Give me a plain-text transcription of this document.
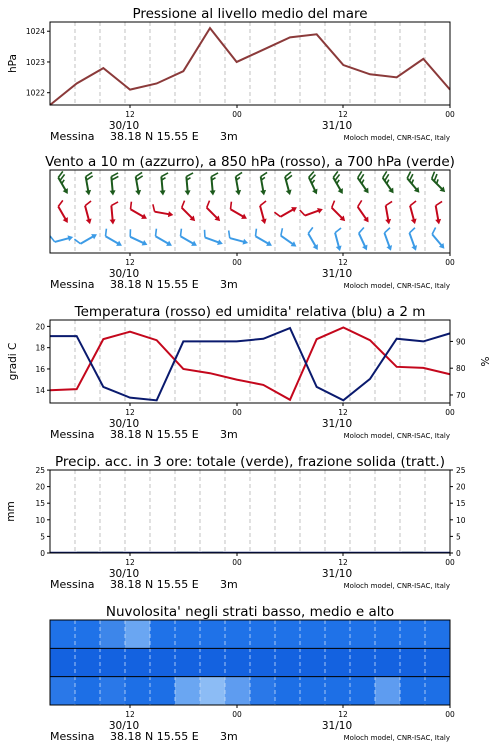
Pressione al livello medio del mare
1022
1023
1024
hPa
12	00	12	00
30/10	31/10
Messina 38.18 N 15.55 E 3m	Moloch model, CNR-ISAC, Italy
Vento a 10 m (azzurro), a 850 hPa (rosso), a 700 hPa (verde)
12	00	12	00
30/10	31/10
Messina 38.18 N 15.55 E 3m	Moloch model, CNR-ISAC, Italy
Temperatura (rosso) ed umidita' relativa (blu) a 2 m
14
16
18
20
70
80
90
gradi C	%
12	00	12	00
30/10	31/10
Messina 38.18 N 15.55 E 3m	Moloch model, CNR-ISAC, Italy
Precip. acc. in 3 ore: totale (verde), frazione solida (tratt.)
0	0
5	5
10	10
15	15
20	20
25	25
mm
12	00	12	00
30/10	31/10
Messina 38.18 N 15.55 E 3m	Moloch model, CNR-ISAC, Italy
Nuvolosita' negli strati basso, medio e alto
12	00	12	00
30/10	31/10
Messina 38.18 N 15.55 E 3m	Moloch model, CNR-ISAC, Italy
